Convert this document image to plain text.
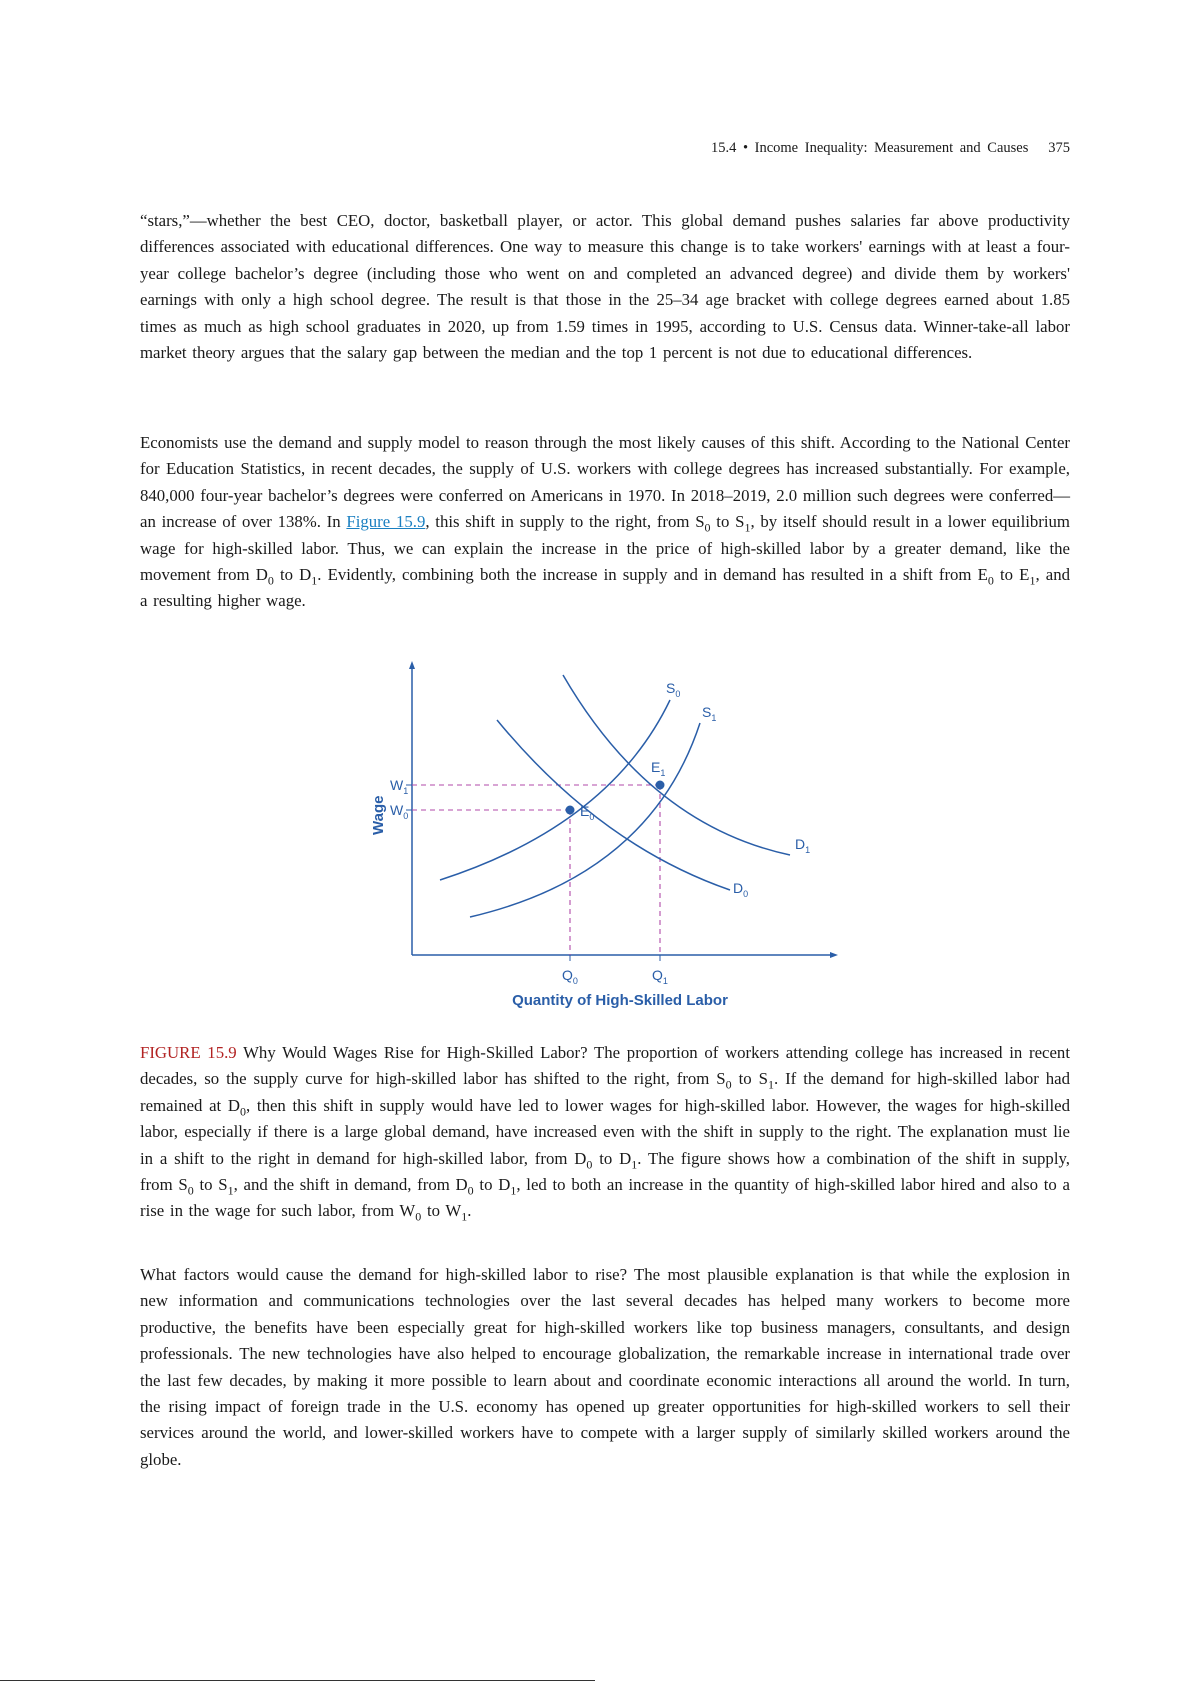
15.4 • Income Inequality: Measurement and Causes 375

“stars,”—whether the best CEO, doctor, basketball player, or actor. This global demand pushes salaries far above productivity differences associated with educational differences. One way to measure this change is to take workers' earnings with at least a four-year college bachelor’s degree (including those who went on and completed an advanced degree) and divide them by workers' earnings with only a high school degree. The result is that those in the 25–34 age bracket with college degrees earned about 1.85 times as much as high school graduates in 2020, up from 1.59 times in 1995, according to U.S. Census data. Winner-take-all labor market theory argues that the salary gap between the median and the top 1 percent is not due to educational differences.

Economists use the demand and supply model to reason through the most likely causes of this shift. According to the National Center for Education Statistics, in recent decades, the supply of U.S. workers with college degrees has increased substantially. For example, 840,000 four-year bachelor’s degrees were conferred on Americans in 1970. In 2018–2019, 2.0 million such degrees were conferred—an increase of over 138%. In Figure 15.9, this shift in supply to the right, from $S_0$ to $S_1$, by itself should result in a lower equilibrium wage for high-skilled labor. Thus, we can explain the increase in the price of high-skilled labor by a greater demand, like the movement from $D_0$ to $D_1$. Evidently, combining both the increase in supply and in demand has resulted in a shift from $E_0$ to $E_1$, and a resulting higher wage.

$S_0$
$S_1$
$E_1$
$E_0$
$D_1$
$D_0$
$W_1$
$W_0$
$Q_0$	$Q_1$
Wage
Quantity of High-Skilled Labor

FIGURE 15.9 Why Would Wages Rise for High-Skilled Labor? The proportion of workers attending college has increased in recent decades, so the supply curve for high-skilled labor has shifted to the right, from $S_0$ to $S_1$. If the demand for high-skilled labor had remained at $D_0$, then this shift in supply would have led to lower wages for high-skilled labor. However, the wages for high-skilled labor, especially if there is a large global demand, have increased even with the shift in supply to the right. The explanation must lie in a shift to the right in demand for high-skilled labor, from $D_0$ to $D_1$. The figure shows how a combination of the shift in supply, from $S_0$ to $S_1$, and the shift in demand, from $D_0$ to $D_1$, led to both an increase in the quantity of high-skilled labor hired and also to a rise in the wage for such labor, from $W_0$ to $W_1$.

What factors would cause the demand for high-skilled labor to rise? The most plausible explanation is that while the explosion in new information and communications technologies over the last several decades has helped many workers to become more productive, the benefits have been especially great for high-skilled workers like top business managers, consultants, and design professionals. The new technologies have also helped to encourage globalization, the remarkable increase in international trade over the last few decades, by making it more possible to learn about and coordinate economic interactions all around the world. In turn, the rising impact of foreign trade in the U.S. economy has opened up greater opportunities for high-skilled workers to sell their services around the world, and lower-skilled workers have to compete with a larger supply of similarly skilled workers around the globe.
